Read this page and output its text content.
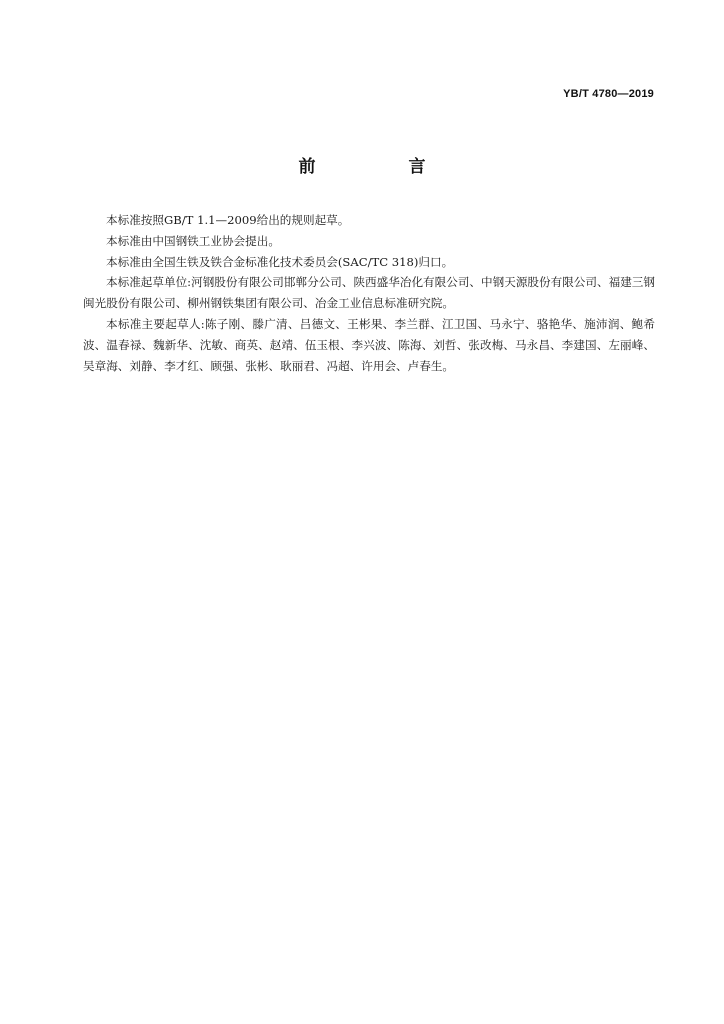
YB/T 4780—2019
前　言

本标准按照GB/T 1.1—2009给出的规则起草。

本标准由中国钢铁工业协会提出。

本标准由全国生铁及铁合金标准化技术委员会(SAC/TC 318)归口。

本标准起草单位:河钢股份有限公司邯郸分公司、陕西盛华冶化有限公司、中钢天源股份有限公司、福建三钢闽光股份有限公司、柳州钢铁集团有限公司、冶金工业信息标准研究院。

本标准主要起草人:陈子刚、滕广清、吕德文、王彬果、李兰群、江卫国、马永宁、骆艳华、施沛润、鲍希波、温春禄、魏新华、沈敏、商英、赵靖、伍玉根、李兴波、陈海、刘哲、张改梅、马永昌、李建国、左丽峰、吴章海、刘静、李才红、顾强、张彬、耿丽君、冯超、许用会、卢春生。
